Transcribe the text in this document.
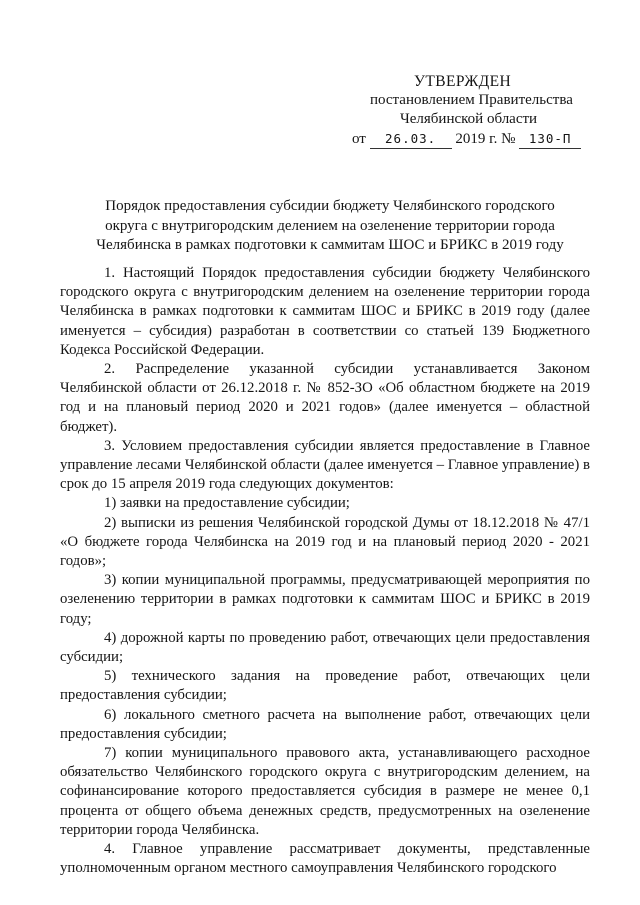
УТВЕРЖДЕН
постановлением Правительства
Челябинской области
от 26.03. 2019 г. № 130-П
Порядок предоставления субсидии бюджету Челябинского городского
округа с внутригородским делением на озеленение территории города
Челябинска в рамках подготовки к саммитам ШОС и БРИКС в 2019 году

1. Настоящий Порядок предоставления субсидии бюджету Челябинского городского округа с внутригородским делением на озеленение территории города Челябинска в рамках подготовки к саммитам ШОС и БРИКС в 2019 году (далее именуется – субсидия) разработан в соответствии со статьей 139 Бюджетного Кодекса Российской Федерации.

2. Распределение указанной субсидии устанавливается Законом Челябинской области от 26.12.2018 г. № 852-ЗО «Об областном бюджете на 2019 год и на плановый период 2020 и 2021 годов» (далее именуется – областной бюджет).

3. Условием предоставления субсидии является предоставление в Главное управление лесами Челябинской области (далее именуется – Главное управление) в срок до 15 апреля 2019 года следующих документов:

1) заявки на предоставление субсидии;

2) выписки из решения Челябинской городской Думы от 18.12.2018 № 47/1 «О бюджете города Челябинска на 2019 год и на плановый период 2020 - 2021 годов»;

3) копии муниципальной программы, предусматривающей мероприятия по озеленению территории в рамках подготовки к саммитам ШОС и БРИКС в 2019 году;

4) дорожной карты по проведению работ, отвечающих цели предоставления субсидии;

5) технического задания на проведение работ, отвечающих цели предоставления субсидии;

6) локального сметного расчета на выполнение работ, отвечающих цели предоставления субсидии;

7) копии муниципального правового акта, устанавливающего расходное обязательство Челябинского городского округа с внутригородским делением, на софинансирование которого предоставляется субсидия в размере не менее 0,1 процента от общего объема денежных средств, предусмотренных на озеленение территории города Челябинска.

4. Главное управление рассматривает документы, представленные уполномоченным органом местного самоуправления Челябинского городского
